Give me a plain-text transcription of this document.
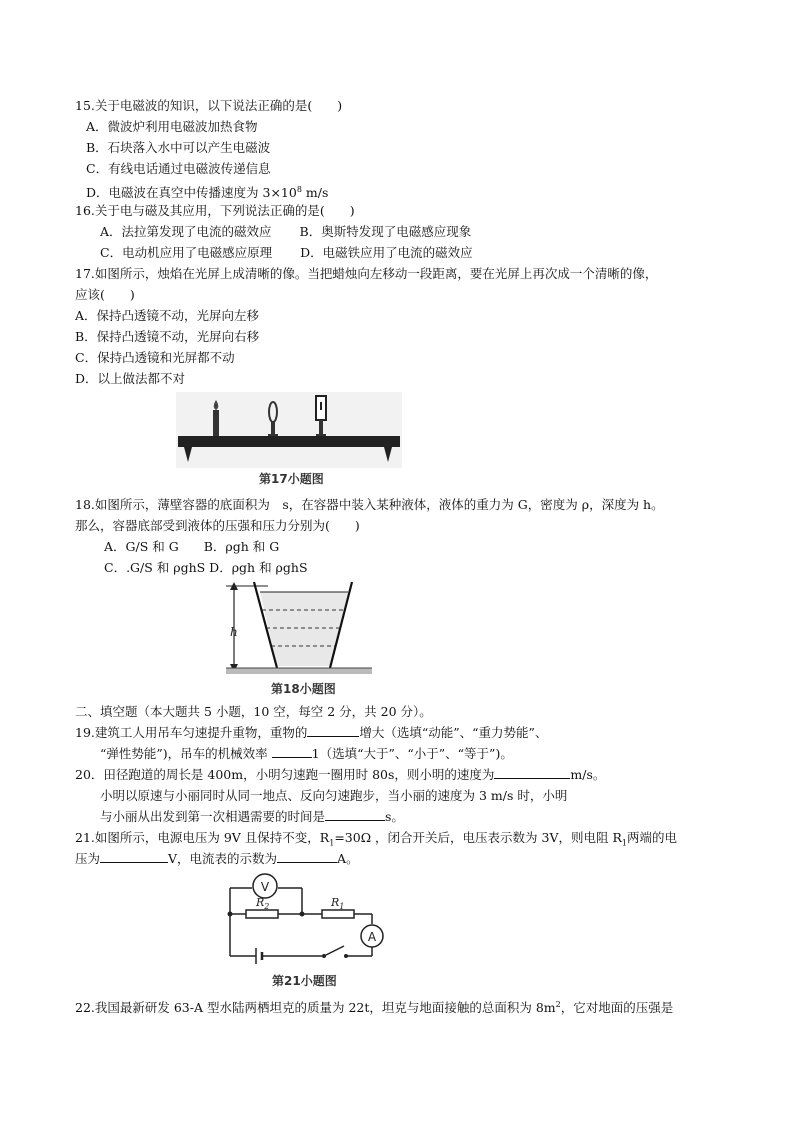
15.关于电磁波的知识，以下说法正确的是(　　)
A．微波炉利用电磁波加热食物
B．石块落入水中可以产生电磁波
C．有线电话通过电磁波传递信息
D．电磁波在真空中传播速度为 $3\times 10^8$ m/s
16.关于电与磁及其应用，下列说法正确的是(　　)
A．法拉第发现了电流的磁效应 B．奥斯特发现了电磁感应现象
C．电动机应用了电磁感应原理 D．电磁铁应用了电流的磁效应
17.如图所示，烛焰在光屏上成清晰的像。当把蜡烛向左移动一段距离，要在光屏上再次成一个清晰的像，
应该(　　)
A．保持凸透镜不动，光屏向左移
B．保持凸透镜不动，光屏向右移
C．保持凸透镜和光屏都不动
D．以上做法都不对
第17小题图
18.如图所示，薄壁容器的底面积为　s，在容器中装入某种液体，液体的重力为 G，密度为 ρ，深度为 h。
那么，容器底部受到液体的压强和压力分别为(　　)
A．G/S 和 G　　B．ρgh 和 G
C．.G/S 和 ρghS D．ρgh 和 ρghS
h
第18小题图
二、填空题（本大题共 5 小题，10 空，每空 2 分，共 20 分）。
19.建筑工人用吊车匀速提升重物，重物的	增大（选填“动能”、“重力势能”、
“弹性势能”)，吊车的机械效率	1（选填“大于”、“小于”、“等于”)。
20．田径跑道的周长是 400m，小明匀速跑一圈用时 80s，则小明的速度为	m/s。
小明以原速与小丽同时从同一地点、反向匀速跑步，当小丽的速度为 3 m/s 时，小明
与小丽从出发到第一次相遇需要的时间是	s。
21.如图所示，电源电压为 9V 且保持不变，$R_1=30\Omega$ ，闭合开关后，电压表示数为 3V，则电阻 $R_1$两端的电
压为	V，电流表的示数为	A。
V
$R_2$	$R_1$
A
第21小题图
22.我国最新研发 63-A 型水陆两栖坦克的质量为 22t，坦克与地面接触的总面积为 $8m^2$，它对地面的压强是
